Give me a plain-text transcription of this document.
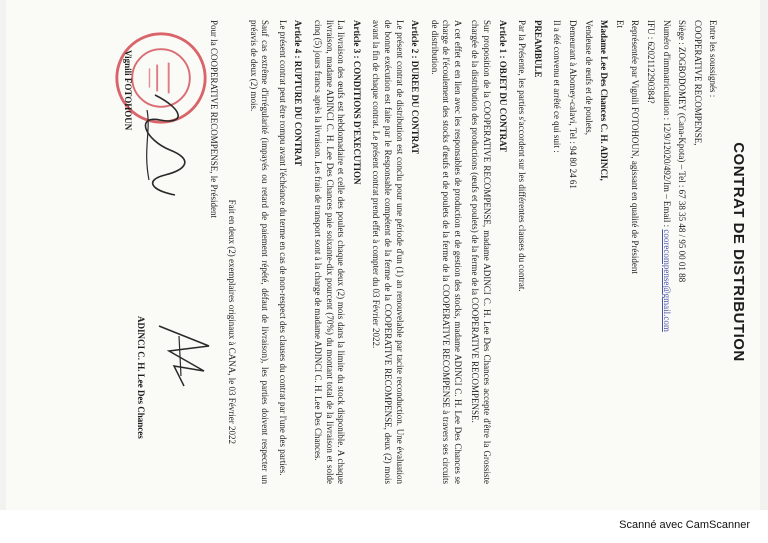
CONTRAT DE DISTRIBUTION
Entre les soussignés :
COOPERATIVE RECOMPENSE,
Siège : ZOGBODOMEY (Cana-Kpota) – Tel : 67 38 35 48 / 95 00 01 88
Numéro d'immatriculation : 12/9/12020/492/Im – Email : coorecompense@gmail.com
IFU : 6202112290384?
Représentée par Vignili FOTOHOUN, agissant en qualité de Président
Et
Madame Lee Des Chances C. H. ADINCI,
Vendeuse de œufs et de poulets,
Demeurant à Abomey-calavi, Tel : 94 80 24 61
Il a été convenu et arrêté ce qui suit :
PREAMBULE
Par la Présente, les parties s'accordent sur les différentes clauses du contrat.
Article 1 : OBJET DU CONTRAT
Sur proposition de la COOPERATIVE RECOMPENSE, madame ADINCI C. H. Lee Des Chances accepte d'être la Grossiste chargée de la distribution des productions (œufs et poulets) de la ferme de la COOPERATIVE RECOMPENSE.
A cet effet et en lien avec les responsables de production et de gestion des stocks, madame ADINCI C. H. Lee Des Chances se charge de l'écoulement des stocks d'œufs et de poulets de la ferme de la COOPERATIVE RECOMPENSE à travers ses circuits de distribution.
Article 2 : DUREE DU CONTRAT
Le présent contrat de distribution est conclu pour une période d'un (1) an renouvelable par tacite reconduction. Une évaluation de bonne exécution est faite par le Responsable compétent de la ferme de la COOPERATIVE RECOMPENSE, deux (2) mois avant la fin de chaque contrat. Le présent contrat prend effet à compter du 03 Février 2022.
Article 3 : CONDITIONS D'EXECUTION
La livraison des œufs est hebdomadaire et celle des poulets chaque deux (2) mois dans la limite du stock disponible. A chaque livraison, madame ADINCI C. H. Lee Des Chances paie soixante-dix pourcent (70%) du montant total de la livraison et solde cinq (5) jours francs après la livraison. Les frais de transport sont à la charge de madame ADINCI C. H. Lee Des Chances.
Article 4 : RUPTURE DU CONTRAT
Le présent contrat peut être rompu avant l'échéance du terme en cas de non-respect des clauses du contrat par l'une des parties.
Sauf cas extrême d'irrégularité (impayés ou retard de paiement répété, défaut de livraison), les parties doivent respecter un préavis de deux (2) mois.
Fait en deux (2) exemplaires originaux à CANA, le 03 Février 2022
Pour la COOPERATIVE RECOMPENSE, le Président
Vignili FOTOHOUN
ADINCI C. H. Lee Des Chances
Scanné avec CamScanner
